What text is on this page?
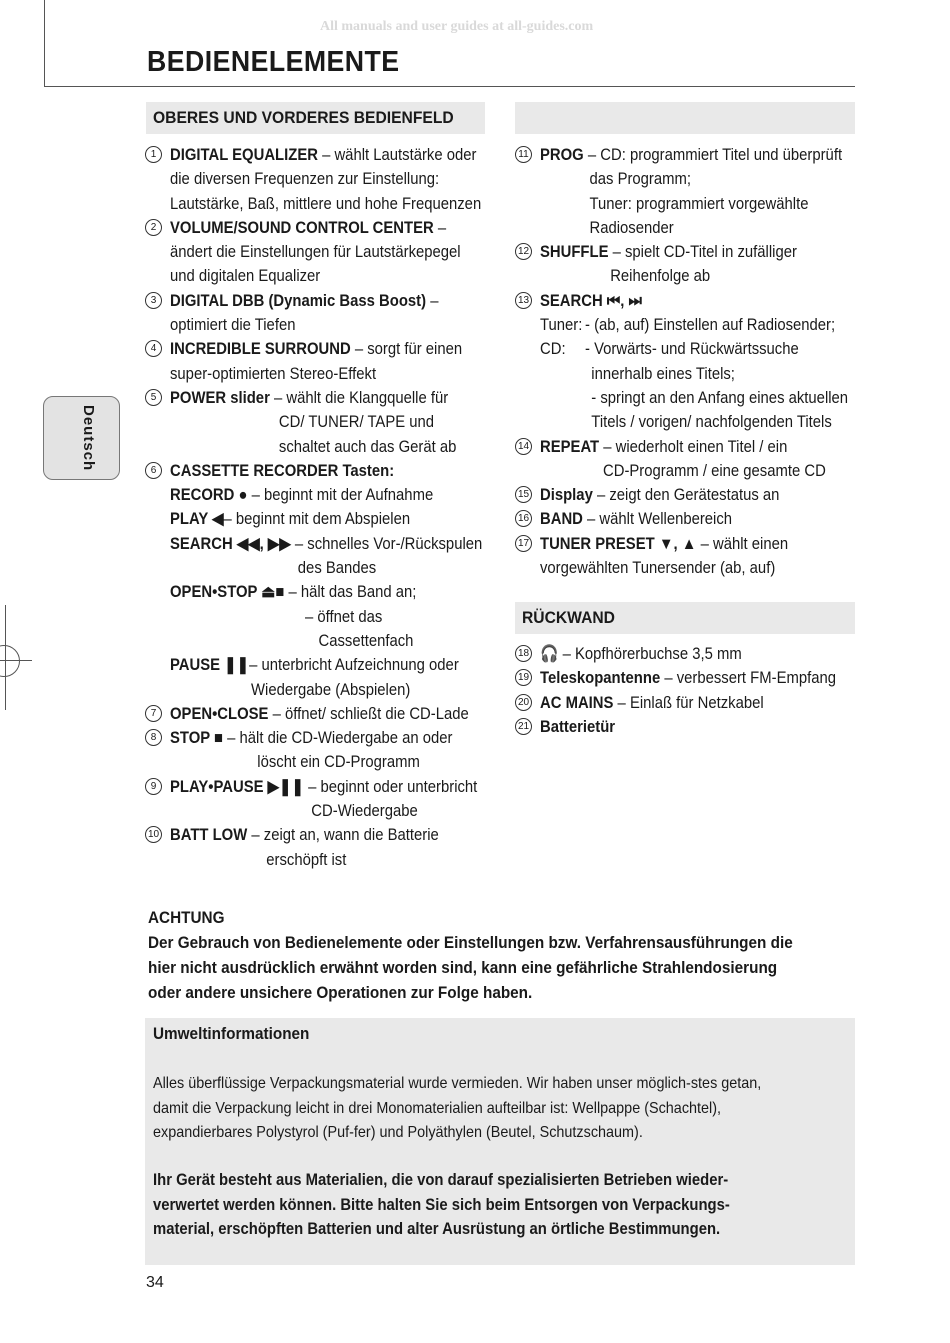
All manuals and user guides at all-guides.com
BEDIENELEMENTE
Deutsch
OBERES UND VORDERES BEDIENFELD
1 DIGITAL EQUALIZER – wählt Lautstärke oder
die diversen Frequenzen zur Einstellung:
Lautstärke, Baß, mittlere und hohe Frequenzen
2 VOLUME/SOUND CONTROL CENTER –
ändert die Einstellungen für Lautstärkepegel
und digitalen Equalizer
3 DIGITAL DBB (Dynamic Bass Boost) –
optimiert die Tiefen
4 INCREDIBLE SURROUND – sorgt für einen
super-optimierten Stereo-Effekt
5 POWER slider – wählt die Klangquelle für
CD/ TUNER/ TAPE und
schaltet auch das Gerät ab
6 CASSETTE RECORDER Tasten:
RECORD ● – beginnt mit der Aufnahme
PLAY ◀– beginnt mit dem Abspielen
SEARCH ◀◀, ▶▶ – schnelles Vor-/Rückspulen
des Bandes
OPEN•STOP ⏏■ – hält das Band an;
– öffnet das
Cassettenfach
PAUSE ❚❚– unterbricht Aufzeichnung oder
Wiedergabe (Abspielen)
7 OPEN•CLOSE – öffnet/ schließt die CD-Lade
8 STOP ■ – hält die CD-Wiedergabe an oder
löscht ein CD-Programm
9 PLAY•PAUSE ▶❚❚ – beginnt oder unterbricht
CD-Wiedergabe
10 BATT LOW – zeigt an, wann die Batterie
erschöpft ist
11 PROG – CD: programmiert Titel und überprüft
das Programm;
Tuner: programmiert vorgewählte
Radiosender
12 SHUFFLE – spielt CD-Titel in zufälliger
Reihenfolge ab
13 SEARCH ⏮, ⏭
Tuner: - (ab, auf) Einstellen auf Radiosender;
CD: - Vorwärts- und Rückwärtssuche
innerhalb eines Titels;
- springt an den Anfang eines aktuellen
Titels / vorigen/ nachfolgenden Titels
14 REPEAT – wiederholt einen Titel / ein
CD-Programm / eine gesamte CD
15 Display – zeigt den Gerätestatus an
16 BAND – wählt Wellenbereich
17 TUNER PRESET ▼, ▲ – wählt einen
vorgewählten Tunersender (ab, auf)
RÜCKWAND
18 🎧 – Kopfhörerbuchse 3,5 mm
19 Teleskopantenne – verbessert FM-Empfang
20 AC MAINS – Einlaß für Netzkabel
21 Batterietür
ACHTUNG
Der Gebrauch von Bedienelemente oder Einstellungen bzw. Verfahrensausführungen die
hier nicht ausdrücklich erwähnt worden sind, kann eine gefährliche Strahlendosierung
oder andere unsichere Operationen zur Folge haben.
Umweltinformationen
Alles überflüssige Verpackungsmaterial wurde vermieden. Wir haben unser möglich-stes getan,
damit die Verpackung leicht in drei Monomaterialien aufteilbar ist: Wellpappe (Schachtel),
expandierbares Polystyrol (Puf-fer) und Polyäthylen (Beutel, Schutzschaum).
Ihr Gerät besteht aus Materialien, die von darauf spezialisierten Betrieben wieder-
verwertet werden können. Bitte halten Sie sich beim Entsorgen von Verpackungs-
material, erschöpften Batterien und alter Ausrüstung an örtliche Bestimmungen.
34
